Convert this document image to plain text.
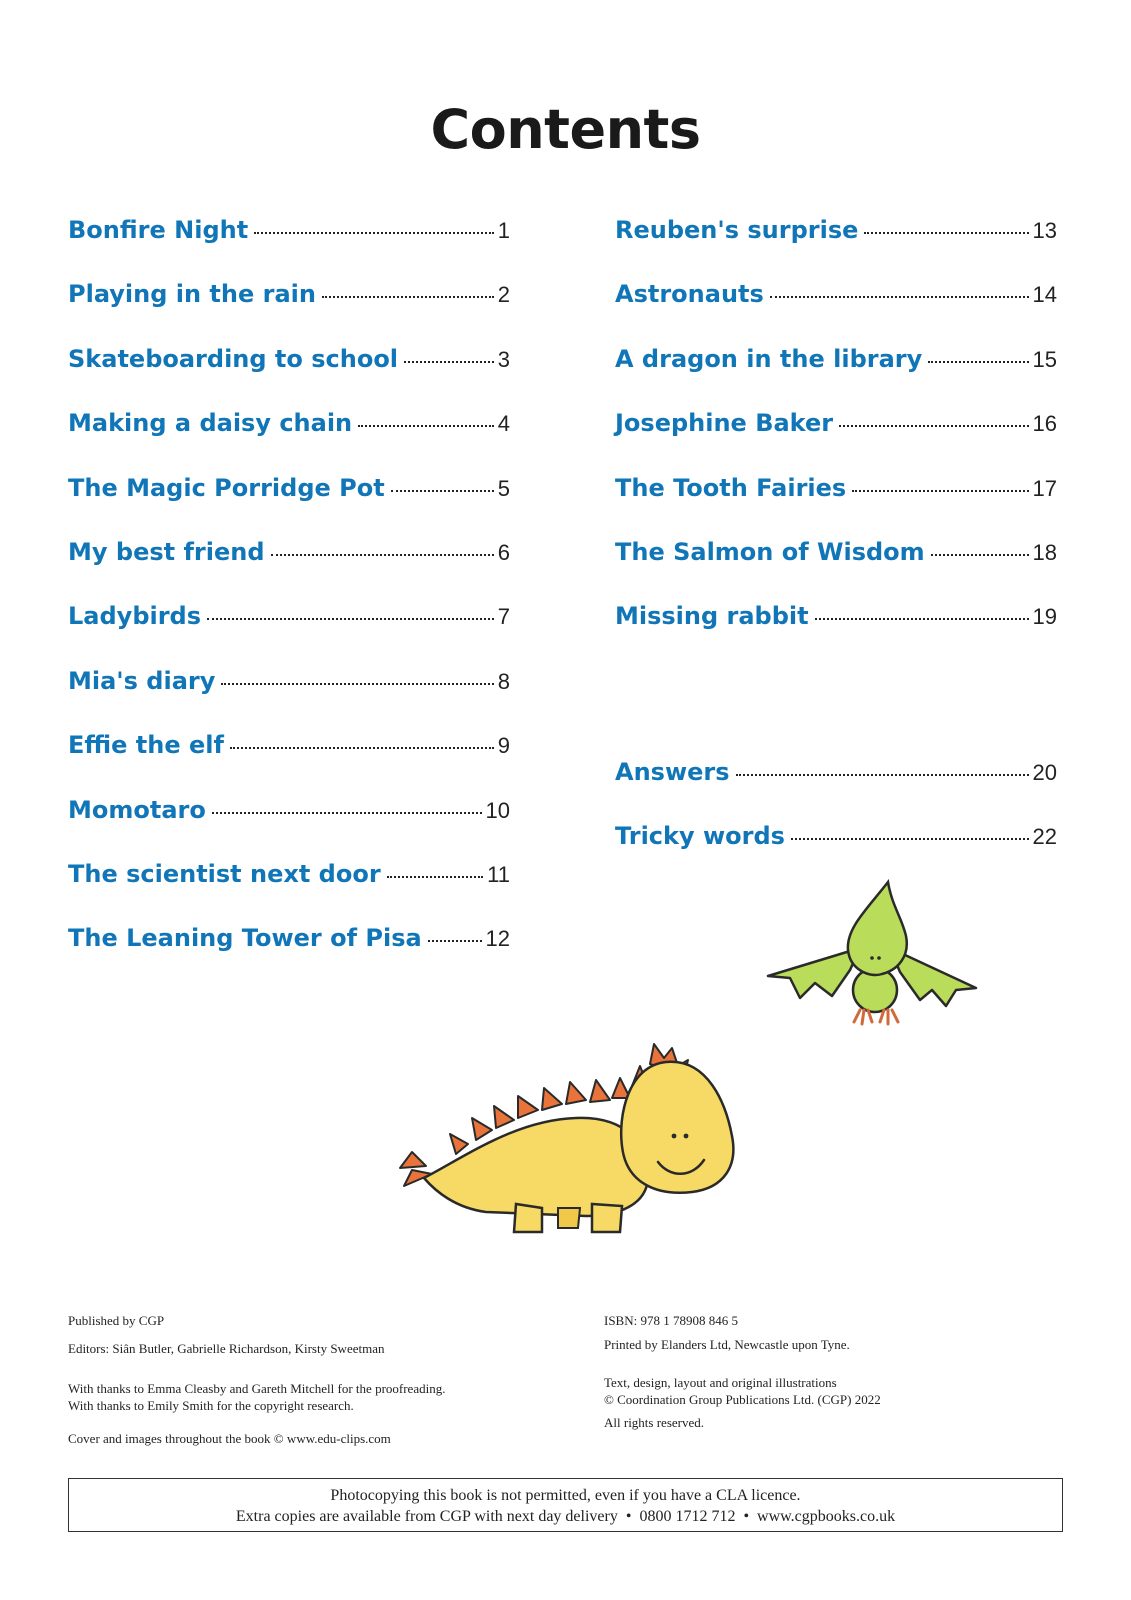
Contents
Bonfire Night	1
Playing in the rain	2
Skateboarding to school	3
Making a daisy chain	4
The Magic Porridge Pot	5
My best friend	6
Ladybirds	7
Mia's diary	8
Effie the elf	9
Momotaro	10
The scientist next door	11
The Leaning Tower of Pisa	12
Reuben's surprise	13
Astronauts	14
A dragon in the library	15
Josephine Baker	16
The Tooth Fairies	17
The Salmon of Wisdom	18
Missing rabbit	19
Answers	20
Tricky words	22

Published by CGP

Editors: Siân Butler, Gabrielle Richardson, Kirsty Sweetman

With thanks to Emma Cleasby and Gareth Mitchell for the proofreading.

With thanks to Emily Smith for the copyright research.

Cover and images throughout the book © www.edu-clips.com

ISBN: 978 1 78908 846 5

Printed by Elanders Ltd, Newcastle upon Tyne.

Text, design, layout and original illustrations

© Coordination Group Publications Ltd. (CGP) 2022

All rights reserved.

Photocopying this book is not permitted, even if you have a CLA licence.
Extra copies are available from CGP with next day delivery  •  0800 1712 712  •  www.cgpbooks.co.uk
